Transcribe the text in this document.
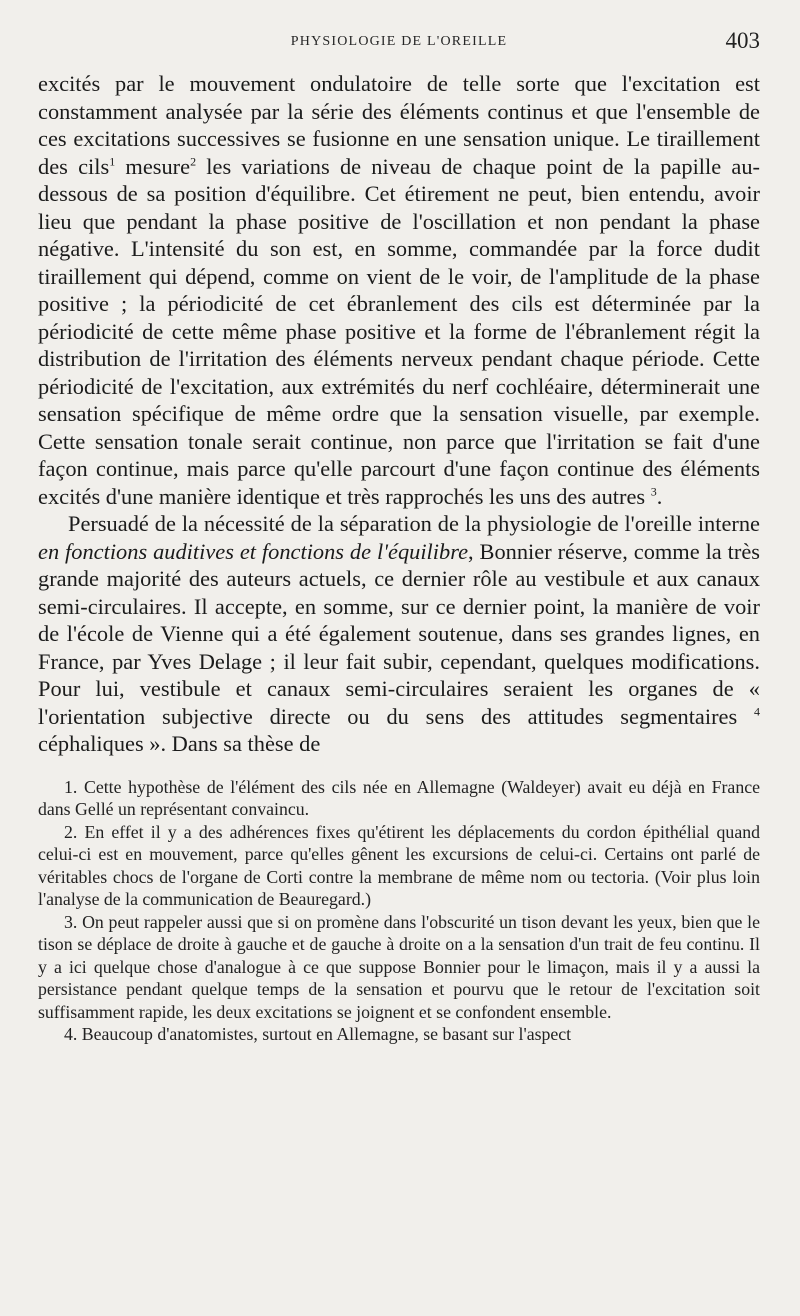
PHYSIOLOGIE DE L'OREILLE	403

excités par le mouvement ondulatoire de telle sorte que l'excitation est constamment analysée par la série des éléments continus et que l'ensemble de ces excitations successives se fusionne en une sensation unique. Le tiraillement des cils$^1$ mesure$^2$ les variations de niveau de chaque point de la papille au-dessous de sa position d'équilibre. Cet étirement ne peut, bien entendu, avoir lieu que pendant la phase positive de l'oscillation et non pendant la phase négative. L'intensité du son est, en somme, commandée par la force dudit tiraillement qui dépend, comme on vient de le voir, de l'amplitude de la phase positive ; la périodicité de cet ébranlement des cils est déterminée par la périodicité de cette même phase positive et la forme de l'ébranlement régit la distribution de l'irritation des éléments nerveux pendant chaque période. Cette périodicité de l'excitation, aux extrémités du nerf cochléaire, déterminerait une sensation spécifique de même ordre que la sensation visuelle, par exemple. Cette sensation tonale serait continue, non parce que l'irritation se fait d'une façon continue, mais parce qu'elle parcourt d'une façon continue des éléments excités d'une manière identique et très rapprochés les uns des autres $^3$.

Persuadé de la nécessité de la séparation de la physiologie de l'oreille interne en fonctions auditives et fonctions de l'équilibre, Bonnier réserve, comme la très grande majorité des auteurs actuels, ce dernier rôle au vestibule et aux canaux semi-circulaires. Il accepte, en somme, sur ce dernier point, la manière de voir de l'école de Vienne qui a été également soutenue, dans ses grandes lignes, en France, par Yves Delage ; il leur fait subir, cependant, quelques modifications. Pour lui, vestibule et canaux semi-circulaires seraient les organes de « l'orientation subjective directe ou du sens des attitudes segmentaires $^4$ céphaliques ». Dans sa thèse de

1. Cette hypothèse de l'élément des cils née en Allemagne (Waldeyer) avait eu déjà en France dans Gellé un représentant convaincu.

2. En effet il y a des adhérences fixes qu'étirent les déplacements du cordon épithélial quand celui-ci est en mouvement, parce qu'elles gênent les excursions de celui-ci. Certains ont parlé de véritables chocs de l'organe de Corti contre la membrane de même nom ou tectoria. (Voir plus loin l'analyse de la communication de Beauregard.)

3. On peut rappeler aussi que si on promène dans l'obscurité un tison devant les yeux, bien que le tison se déplace de droite à gauche et de gauche à droite on a la sensation d'un trait de feu continu. Il y a ici quelque chose d'analogue à ce que suppose Bonnier pour le limaçon, mais il y a aussi la persistance pendant quelque temps de la sensation et pourvu que le retour de l'excitation soit suffisamment rapide, les deux excitations se joignent et se confondent ensemble.

4. Beaucoup d'anatomistes, surtout en Allemagne, se basant sur l'aspect
